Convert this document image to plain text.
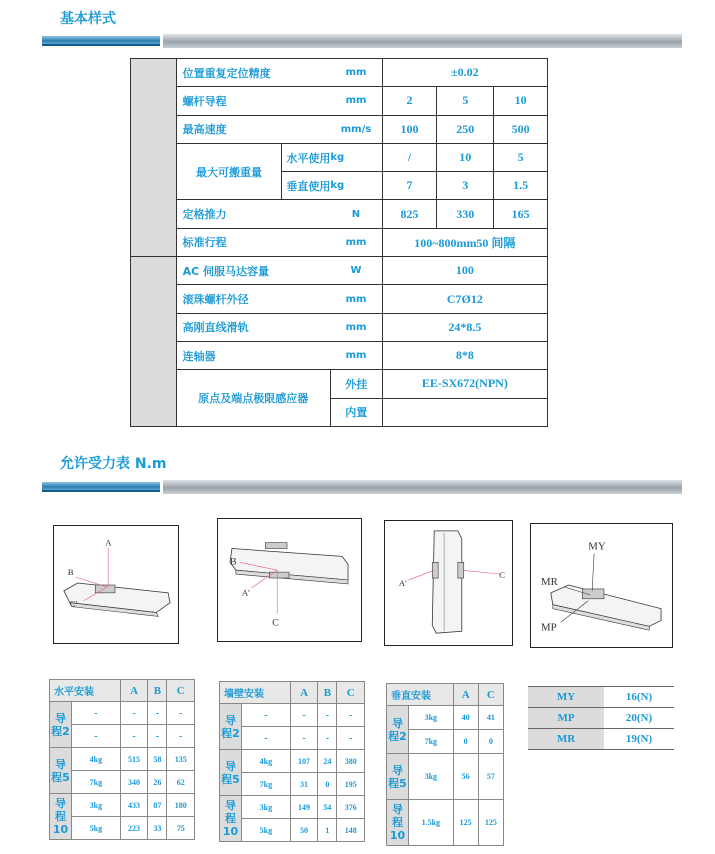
基本样式
	位置重复定位精度		mm	±0.02		
	螺杆导程		mm	2	5	10
	最高速度		mm/s	100	250	500
	最大可搬重量	水平使用	kg	/	10	5
		垂直使用	kg	7	3	1.5
	定格推力		N	825	330	165
	标准行程		mm	100~800mm50 间隔		
	AC 伺服马达容量		W	100		
	滚珠螺杆外径		mm	C7Ø12		
	高刚直线滑轨		mm	24*8.5		
	连轴器		mm	8*8		
	原点及端点极限感应器		外挂	EE-SX672(NPN)		
			内置			
允许受力表 N.m
A
B
C'
B
A'
C
A'
C
MY
MR
MP
水平安装		A	B	C
导程2	-	-	-	-
	-	-	-	-
导程5	4kg	515	58	135
	7kg	340	26	62
导程10	3kg	433	87	180
	5kg	223	33	75
墙壁安装		A	B	C
导程2	-	-	-	-
	-	-	-	-
导程5	4kg	107	24	380
	7kg	31	0	195
导程10	3kg	149	54	376
	5kg	50	1	148
垂直安装		A	C
导程2	3kg	40	41
	7kg	0	0
导程5	3kg	56	57
导程10	1.5kg	125	125
MY	16(N)
MP	20(N)
MR	19(N)
